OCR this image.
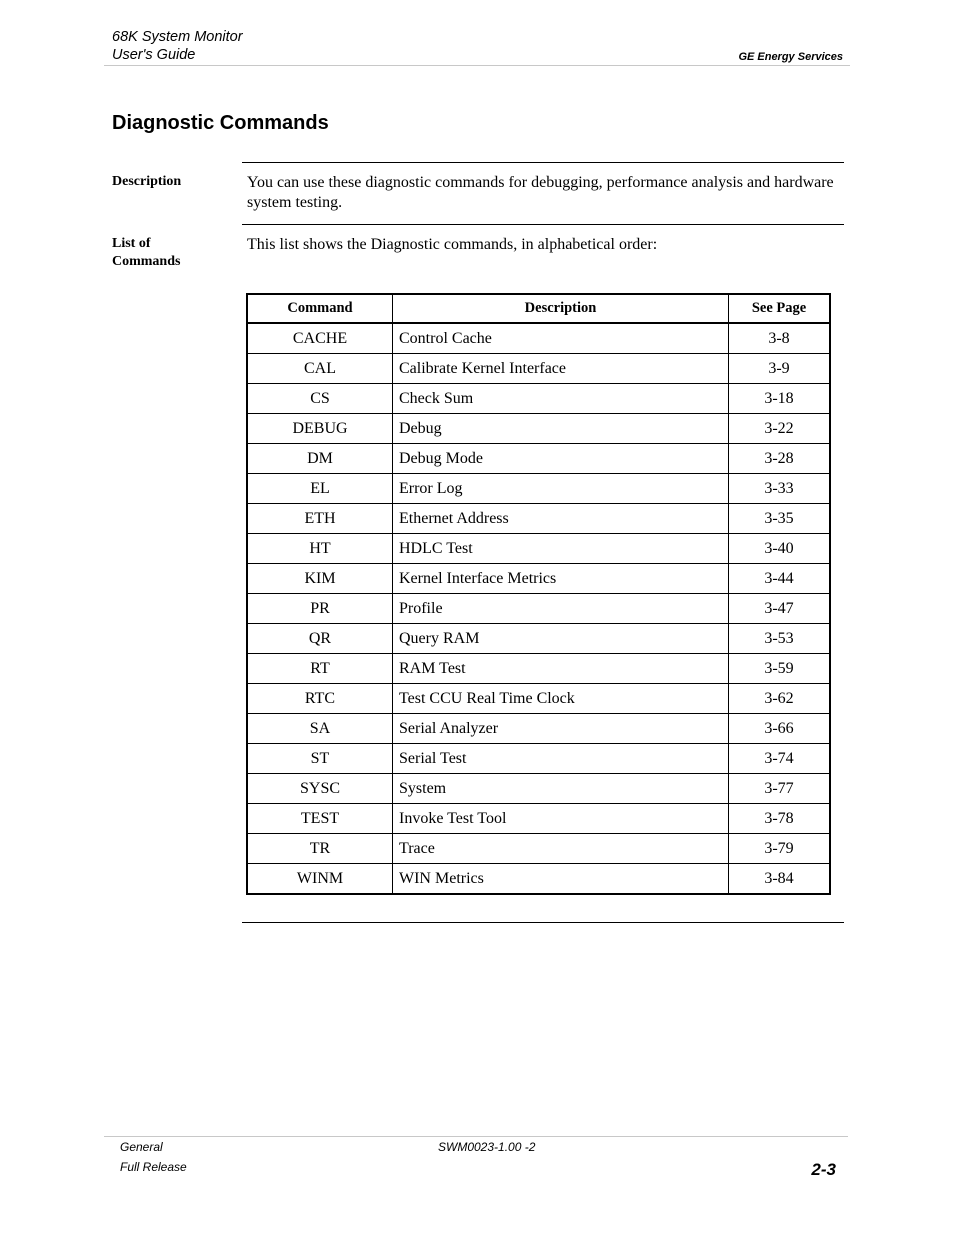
68K System Monitor
User's Guide	GE Energy Services
Diagnostic Commands
Description	You can use these diagnostic commands for debugging, performance analysis and hardware system testing.
List of
Commands
This list shows the Diagnostic commands, in alphabetical order:
Command	Description	See Page
CACHE	Control Cache	3-8
CAL	Calibrate Kernel Interface	3-9
CS	Check Sum	3-18
DEBUG	Debug	3-22
DM	Debug Mode	3-28
EL	Error Log	3-33
ETH	Ethernet Address	3-35
HT	HDLC Test	3-40
KIM	Kernel Interface Metrics	3-44
PR	Profile	3-47
QR	Query RAM	3-53
RT	RAM Test	3-59
RTC	Test CCU Real Time Clock	3-62
SA	Serial Analyzer	3-66
ST	Serial Test	3-74
SYSC	System	3-77
TEST	Invoke Test Tool	3-78
TR	Trace	3-79
WINM	WIN Metrics	3-84
General
Full Release
SWM0023-1.00 -2
2-3
